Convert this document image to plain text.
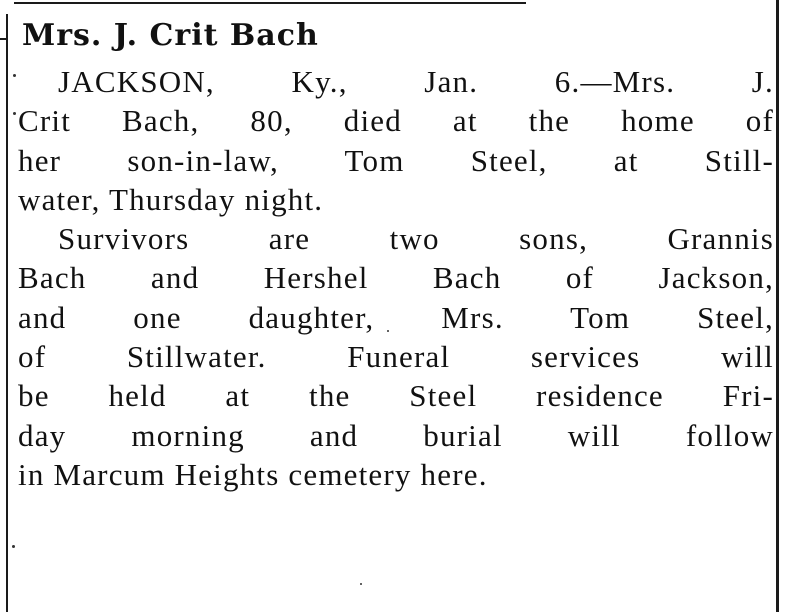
Mrs. J. Crit Bach
JACKSON, Ky., Jan. 6.—Mrs. J.
Crit Bach, 80, died at the home of
her son-in-law, Tom Steel, at Still-
water, Thursday night.
Survivors are two sons, Grannis
Bach and Hershel Bach of Jackson,
and one daughter, Mrs. Tom Steel,
of Stillwater. Funeral services will
be held at the Steel residence Fri-
day morning and burial will follow
in Marcum Heights cemetery here.
